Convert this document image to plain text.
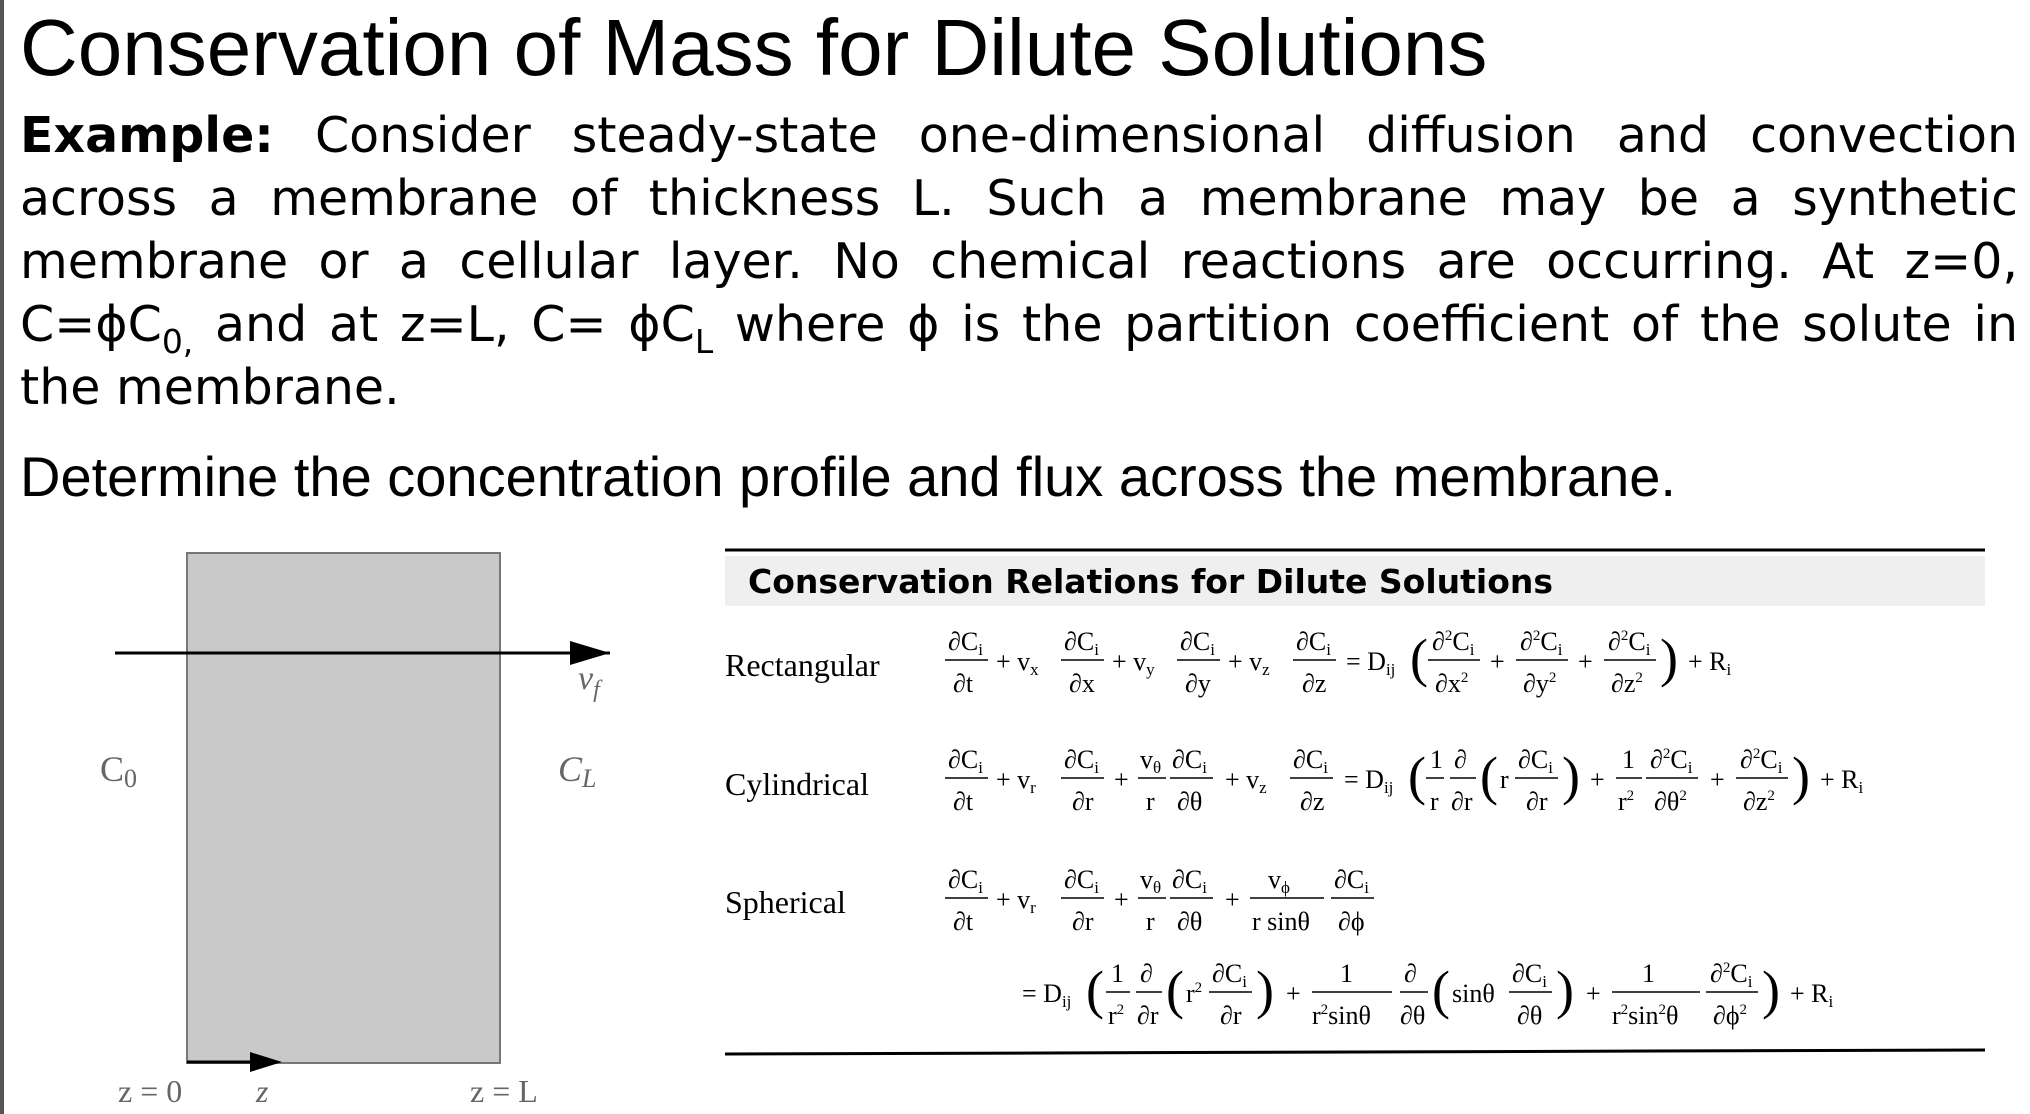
Conservation of Mass for Dilute Solutions
Example: Consider steady-state one-dimensional diffusion and convection
across a membrane of thickness L. Such a membrane may be a synthetic
membrane or a cellular layer. No chemical reactions are occurring. At z=0,
$C=\phi C_{0,}$ and at z=L, $C= \phi C_L$ where ϕ is the partition coefficient of the solute in
the membrane.
Determine the concentration profile and flux across the membrane.
$v_f$
C0	CL
z = 0 z	z = L
Conservation Relations for Dilute Solutions
Rectangular
Cylindrical
Spherical
∂Ci
∂t
+ vx
∂Ci
∂x
+ vy
∂Ci
∂y
+ vz
∂Ci
∂z
= Dij ( ∂$^2$Ci
$\partial x^2$
+
∂$^2$Ci
$\partial y^2$
+
∂$^2$Ci
$\partial z^2$ ) + Ri
∂Ci
∂t
+ vr
∂Ci
∂r
+
vθ
r
∂Ci
∂θ
+ vz
∂Ci
∂z
= Dij ( 1
r
∂
∂r ( r
∂Ci
∂r ) +
1
$r^2$
∂$^2$Ci
$\partial\theta^2$
+
∂$^2$Ci
$\partial z^2$ ) + Ri
∂Ci
∂t
+ vr
∂Ci
∂r
+
vθ
r
∂Ci
∂θ
+
vϕ
r sinθ
∂Ci
∂ϕ
= Dij ( 1
$r^2$
∂
∂r ( $r^2$ ∂Ci
∂r ) +
1
$r^2\sin\theta$
∂
∂θ ( sinθ
∂Ci
∂θ ) +
1
$r^2\sin^2\theta$
∂$^2$Ci
$\partial\phi^2$ ) + Ri
